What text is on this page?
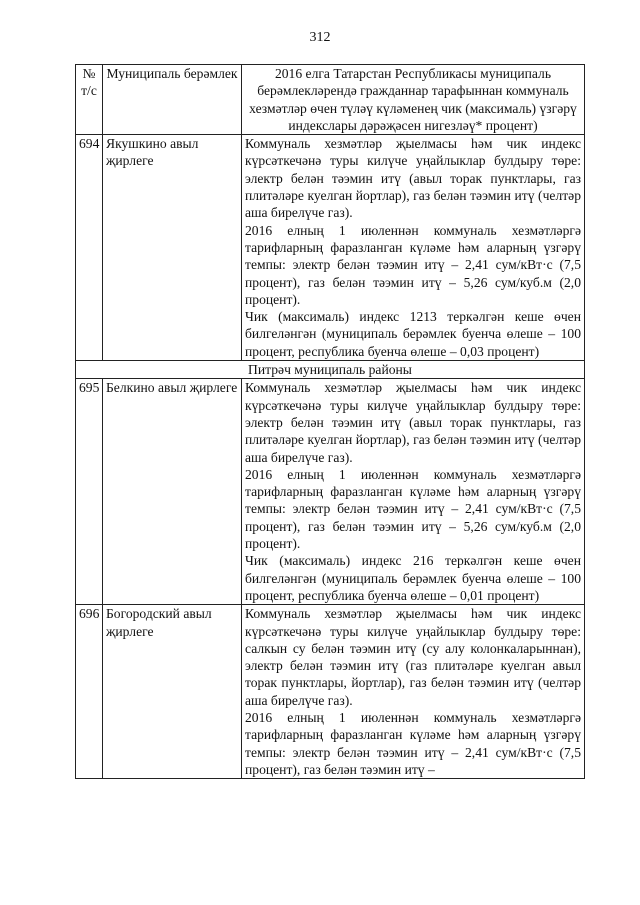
312
№ т/с	Муниципаль берәмлек	2016 елга Татарстан Республикасы муниципаль берәмлекләрендә гражданнар тарафыннан коммуналь хезмәтләр өчен түләү күләменең чик (максималь) үзгәрү индекслары дәрәҗәсен нигезләү* процент)
694	Якушкино авыл җирлеге	Коммуналь хезмәтләр җыелмасы һәм чик индекс күрсәткечәнә туры килүче уңайлыклар булдыру төре: электр белән тәэмин итү (авыл торак пунктлары, газ плитәләре куелган йортлар), газ белән тәэмин итү (челтәр аша бирелүче газ).

2016 елның 1 июленнән коммуналь хезмәтләргә тарифларның фаразланган күләме һәм аларның үзгәрү темпы: электр белән тәэмин итү – 2,41 сум/кВт·с (7,5 процент), газ белән тәэмин итү – 5,26 сум/куб.м (2,0 процент).

Чик (максималь) индекс 1213 теркәлгән кеше өчен билгеләнгән (муниципаль берәмлек буенча өлеше – 100 процент, республика буенча өлеше – 0,03 процент)

Питрәч муниципаль районы		
695	Белкино авыл җирлеге	Коммуналь хезмәтләр җыелмасы һәм чик индекс күрсәткечәнә туры килүче уңайлыклар булдыру төре: электр белән тәэмин итү (авыл торак пунктлары, газ плитәләре куелган йортлар), газ белән тәэмин итү (челтәр аша бирелүче газ).

2016 елның 1 июленнән коммуналь хезмәтләргә тарифларның фаразланган күләме һәм аларның үзгәрү темпы: электр белән тәэмин итү – 2,41 сум/кВт·с (7,5 процент), газ белән тәэмин итү – 5,26 сум/куб.м (2,0 процент).

Чик (максималь) индекс 216 теркәлгән кеше өчен билгеләнгән (муниципаль берәмлек буенча өлеше – 100 процент, республика буенча өлеше – 0,01 процент)

696	Богородский авыл җирлеге	Коммуналь хезмәтләр җыелмасы һәм чик индекс күрсәткечәнә туры килүче уңайлыклар булдыру төре: салкын су белән тәэмин итү (су алу колонкаларыннан), электр белән тәэмин итү (газ плитәләре куелган авыл торак пунктлары, йортлар), газ белән тәэмин итү (челтәр аша бирелүче газ).

2016 елның 1 июленнән коммуналь хезмәтләргә тарифларның фаразланган күләме һәм аларның үзгәрү темпы: электр белән тәэмин итү – 2,41 сум/кВт·с (7,5 процент), газ белән тәэмин итү –
